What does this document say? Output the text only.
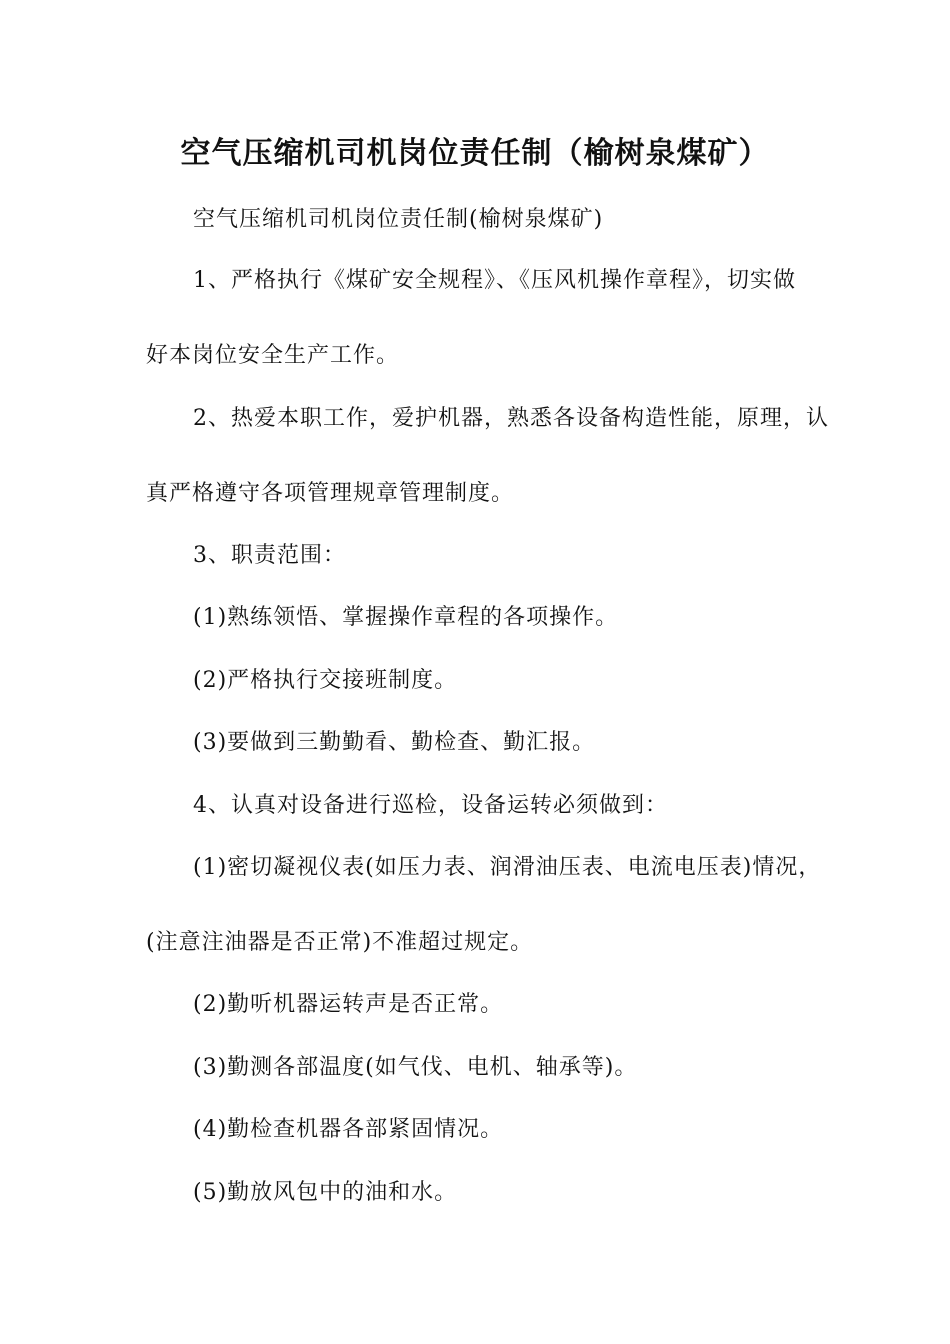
空气压缩机司机岗位责任制（榆树泉煤矿）
空气压缩机司机岗位责任制(榆树泉煤矿)
1、严格执行《煤矿安全规程》、《压风机操作章程》，切实做
好本岗位安全生产工作。
2、热爱本职工作，爱护机器，熟悉各设备构造性能，原理，认
真严格遵守各项管理规章管理制度。
3、职责范围：
(1)熟练领悟、掌握操作章程的各项操作。
(2)严格执行交接班制度。
(3)要做到三勤勤看、勤检查、勤汇报。
4、认真对设备进行巡检，设备运转必须做到：
(1)密切凝视仪表(如压力表、润滑油压表、电流电压表)情况，
(注意注油器是否正常)不准超过规定。
(2)勤听机器运转声是否正常。
(3)勤测各部温度(如气伐、电机、轴承等)。
(4)勤检查机器各部紧固情况。
(5)勤放风包中的油和水。
